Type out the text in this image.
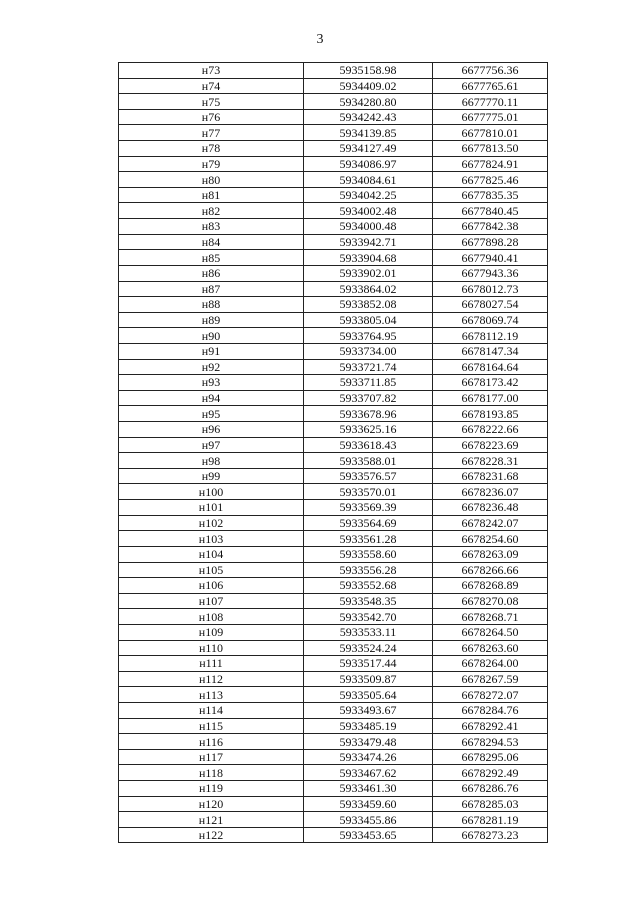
3
н73	5935158.98	6677756.36
н74	5934409.02	6677765.61
н75	5934280.80	6677770.11
н76	5934242.43	6677775.01
н77	5934139.85	6677810.01
н78	5934127.49	6677813.50
н79	5934086.97	6677824.91
н80	5934084.61	6677825.46
н81	5934042.25	6677835.35
н82	5934002.48	6677840.45
н83	5934000.48	6677842.38
н84	5933942.71	6677898.28
н85	5933904.68	6677940.41
н86	5933902.01	6677943.36
н87	5933864.02	6678012.73
н88	5933852.08	6678027.54
н89	5933805.04	6678069.74
н90	5933764.95	6678112.19
н91	5933734.00	6678147.34
н92	5933721.74	6678164.64
н93	5933711.85	6678173.42
н94	5933707.82	6678177.00
н95	5933678.96	6678193.85
н96	5933625.16	6678222.66
н97	5933618.43	6678223.69
н98	5933588.01	6678228.31
н99	5933576.57	6678231.68
н100	5933570.01	6678236.07
н101	5933569.39	6678236.48
н102	5933564.69	6678242.07
н103	5933561.28	6678254.60
н104	5933558.60	6678263.09
н105	5933556.28	6678266.66
н106	5933552.68	6678268.89
н107	5933548.35	6678270.08
н108	5933542.70	6678268.71
н109	5933533.11	6678264.50
н110	5933524.24	6678263.60
н111	5933517.44	6678264.00
н112	5933509.87	6678267.59
н113	5933505.64	6678272.07
н114	5933493.67	6678284.76
н115	5933485.19	6678292.41
н116	5933479.48	6678294.53
н117	5933474.26	6678295.06
н118	5933467.62	6678292.49
н119	5933461.30	6678286.76
н120	5933459.60	6678285.03
н121	5933455.86	6678281.19
н122	5933453.65	6678273.23
